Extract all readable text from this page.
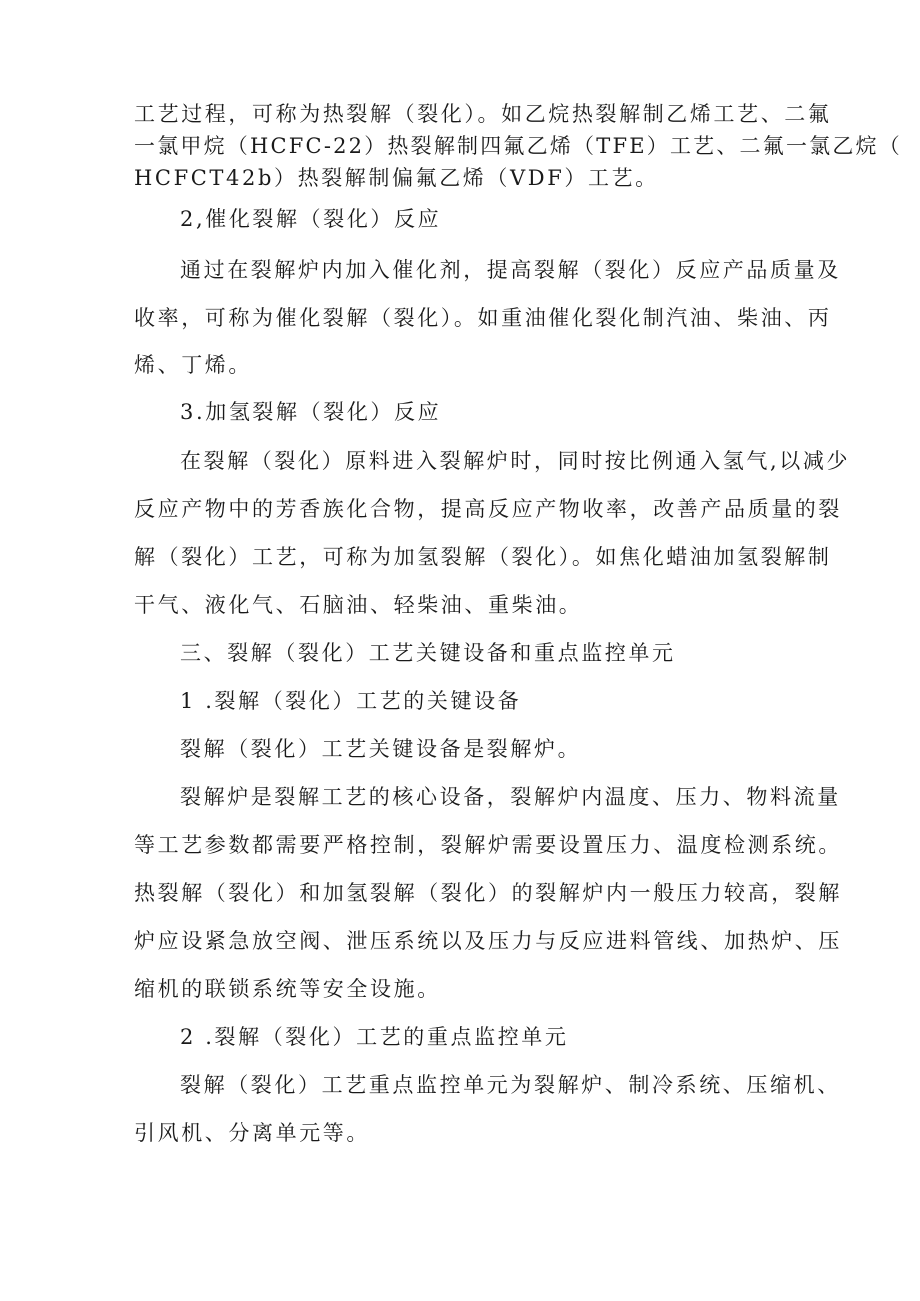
工艺过程，可称为热裂解（裂化）。如乙烷热裂解制乙烯工艺、二氟
一氯甲烷（HCFC-22）热裂解制四氟乙烯（TFE）工艺、二氟一氯乙烷（
HCFCT42b）热裂解制偏氟乙烯（VDF）工艺。
2,催化裂解（裂化）反应
通过在裂解炉内加入催化剂，提高裂解（裂化）反应产品质量及
收率，可称为催化裂解（裂化）。如重油催化裂化制汽油、柴油、丙
烯、丁烯。
3.加氢裂解（裂化）反应
在裂解（裂化）原料进入裂解炉时，同时按比例通入氢气,以减少
反应产物中的芳香族化合物，提高反应产物收率，改善产品质量的裂
解（裂化）工艺，可称为加氢裂解（裂化）。如焦化蜡油加氢裂解制
干气、液化气、石脑油、轻柴油、重柴油。
三、裂解（裂化）工艺关键设备和重点监控单元
1 .裂解（裂化）工艺的关键设备
裂解（裂化）工艺关键设备是裂解炉。
裂解炉是裂解工艺的核心设备，裂解炉内温度、压力、物料流量
等工艺参数都需要严格控制，裂解炉需要设置压力、温度检测系统。
热裂解（裂化）和加氢裂解（裂化）的裂解炉内一般压力较高，裂解
炉应设紧急放空阀、泄压系统以及压力与反应进料管线、加热炉、压
缩机的联锁系统等安全设施。
2 .裂解（裂化）工艺的重点监控单元
裂解（裂化）工艺重点监控单元为裂解炉、制冷系统、压缩机、
引风机、分离单元等。
